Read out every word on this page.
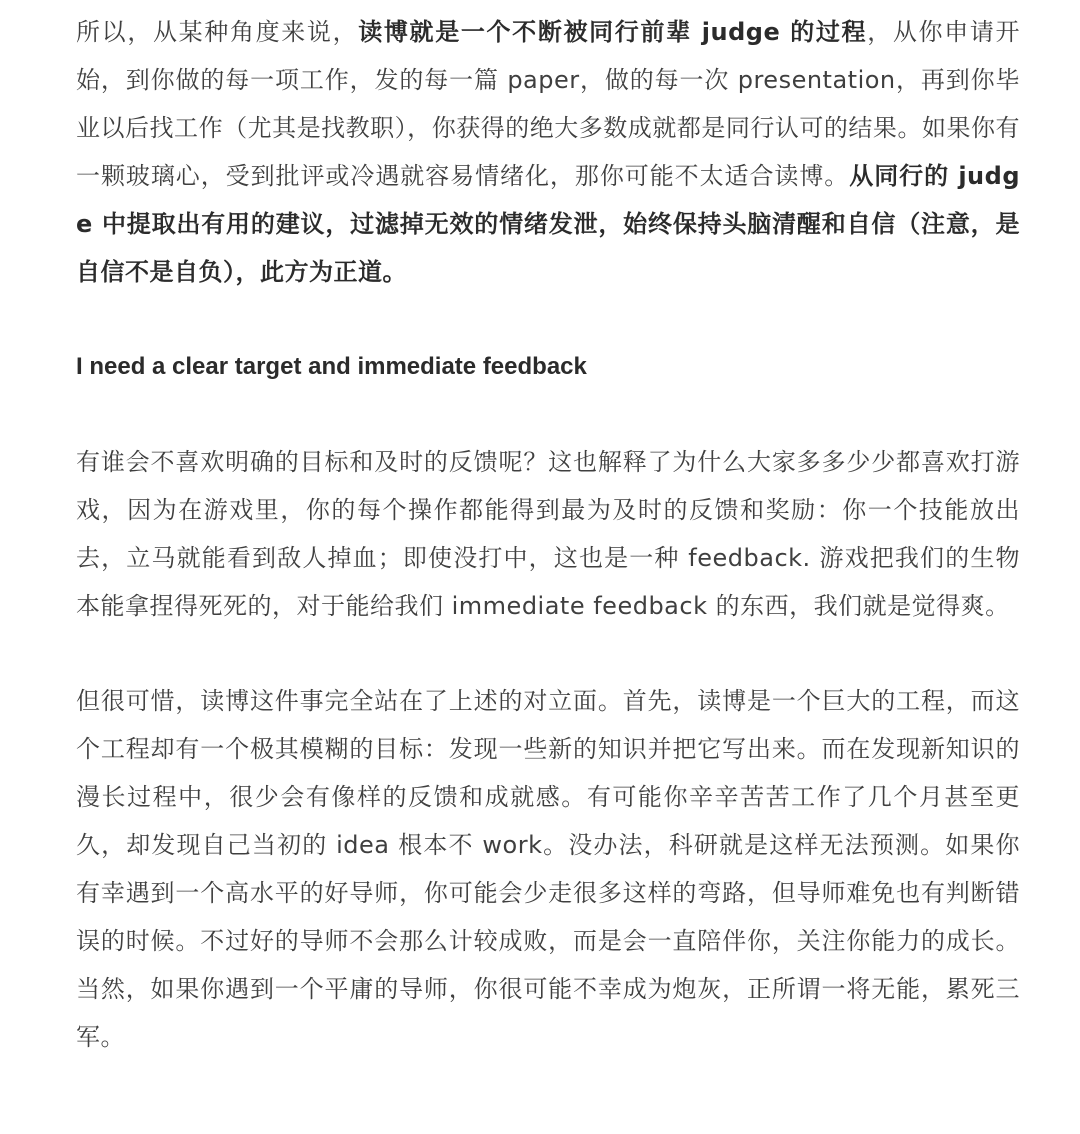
所以，从某种角度来说，读博就是一个不断被同行前辈 judge 的过程，从你申请开始，到你做的每一项工作，发的每一篇 paper，做的每一次 presentation，再到你毕业以后找工作（尤其是找教职），你获得的绝大多数成就都是同行认可的结果。如果你有一颗玻璃心，受到批评或冷遇就容易情绪化，那你可能不太适合读博。从同行的 judge 中提取出有用的建议，过滤掉无效的情绪发泄，始终保持头脑清醒和自信（注意，是自信不是自负），此方为正道。

I need a clear target and immediate feedback

有谁会不喜欢明确的目标和及时的反馈呢？这也解释了为什么大家多多少少都喜欢打游戏，因为在游戏里，你的每个操作都能得到最为及时的反馈和奖励：你一个技能放出去，立马就能看到敌人掉血；即使没打中，这也是一种 feedback. 游戏把我们的生物本能拿捏得死死的，对于能给我们 immediate feedback 的东西，我们就是觉得爽。

但很可惜，读博这件事完全站在了上述的对立面。首先，读博是一个巨大的工程，而这个工程却有一个极其模糊的目标：发现一些新的知识并把它写出来。而在发现新知识的漫长过程中，很少会有像样的反馈和成就感。有可能你辛辛苦苦工作了几个月甚至更久，却发现自己当初的 idea 根本不 work。没办法，科研就是这样无法预测。如果你有幸遇到一个高水平的好导师，你可能会少走很多这样的弯路，但导师难免也有判断错误的时候。不过好的导师不会那么计较成败，而是会一直陪伴你，关注你能力的成长。当然，如果你遇到一个平庸的导师，你很可能不幸成为炮灰，正所谓一将无能，累死三军。
